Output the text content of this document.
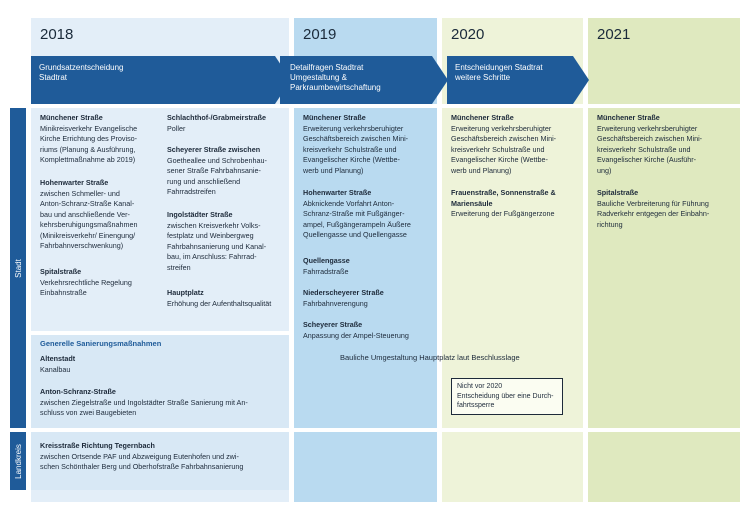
2018	2019	2020	2021
Grundsatzentscheidung
Stadtrat
Detailfragen Stadtrat
Umgestaltung &
Parkraumbewirtschaftung
Entscheidungen Stadtrat
weitere Schritte
Stadt
Landkreis
Münchener Straße
Minikreisverkehr Evangelische
Kirche Errichtung des Proviso-
riums (Planung & Ausführung,
Komplettmaßnahme ab 2019)
Hohenwarter Straße
zwischen Schmeller- und
Anton-Schranz-Straße Kanal-
bau und anschließende Ver-
kehrsberuhigungsmaßnahmen
(Minikreisverkehr/ Einengung/
Fahrbahnverschwenkung)
Spitalstraße
Verkehrsrechtliche Regelung
Einbahnstraße
Schlachthof-/Grabmeirstraße
Poller
Scheyerer Straße zwischen
Goetheallee und Schrobenhau-
sener Straße Fahrbahnsanie-
rung und anschließend
Fahrradstreifen
Ingolstädter Straße
zwischen Kreisverkehr Volks-
festplatz und Weinbergweg
Fahrbahnsanierung und Kanal-
bau, im Anschluss: Fahrrad-
streifen
Hauptplatz
Erhöhung der Aufenthaltsqualität
Münchener Straße
Erweiterung verkehrsberuhigter
Geschäftsbereich zwischen Mini-
kreisverkehr Schulstraße und
Evangelischer Kirche (Wettbe-
werb und Planung)
Hohenwarter Straße
Abknickende Vorfahrt Anton-
Schranz-Straße mit Fußgänger-
ampel, Fußgängerampeln Äußere
Quellengasse und Quellengasse
Quellengasse
Fahrradstraße
Niederscheyerer Straße
Fahrbahnverengung
Scheyerer Straße
Anpassung der Ampel-Steuerung
Münchener Straße
Erweiterung verkehrsberuhigter
Geschäftsbereich zwischen Mini-
kreisverkehr Schulstraße und
Evangelischer Kirche (Wettbe-
werb und Planung)
Frauenstraße, Sonnenstraße &
Mariensäule
Erweiterung der Fußgängerzone
Münchener Straße
Erweiterung verkehrsberuhigter
Geschäftsbereich zwischen Mini-
kreisverkehr Schulstraße und
Evangelischer Kirche (Ausführ-
ung)
Spitalstraße
Bauliche Verbreiterung für Führung
Radverkehr entgegen der Einbahn-
richtung
Generelle Sanierungsmaßnahmen
Altenstadt
Kanalbau
Anton-Schranz-Straße
zwischen Ziegelstraße und Ingolstädter Straße Sanierung mit An-
schluss von zwei Baugebieten
Bauliche Umgestaltung Hauptplatz laut Beschlusslage
Nicht vor 2020
Entscheidung über eine Durch-
fahrtssperre
Kreisstraße Richtung Tegernbach
zwischen Ortsende PAF und Abzweigung Eutenhofen und zwi-
schen Schönthaler Berg und Oberhofstraße Fahrbahnsanierung
